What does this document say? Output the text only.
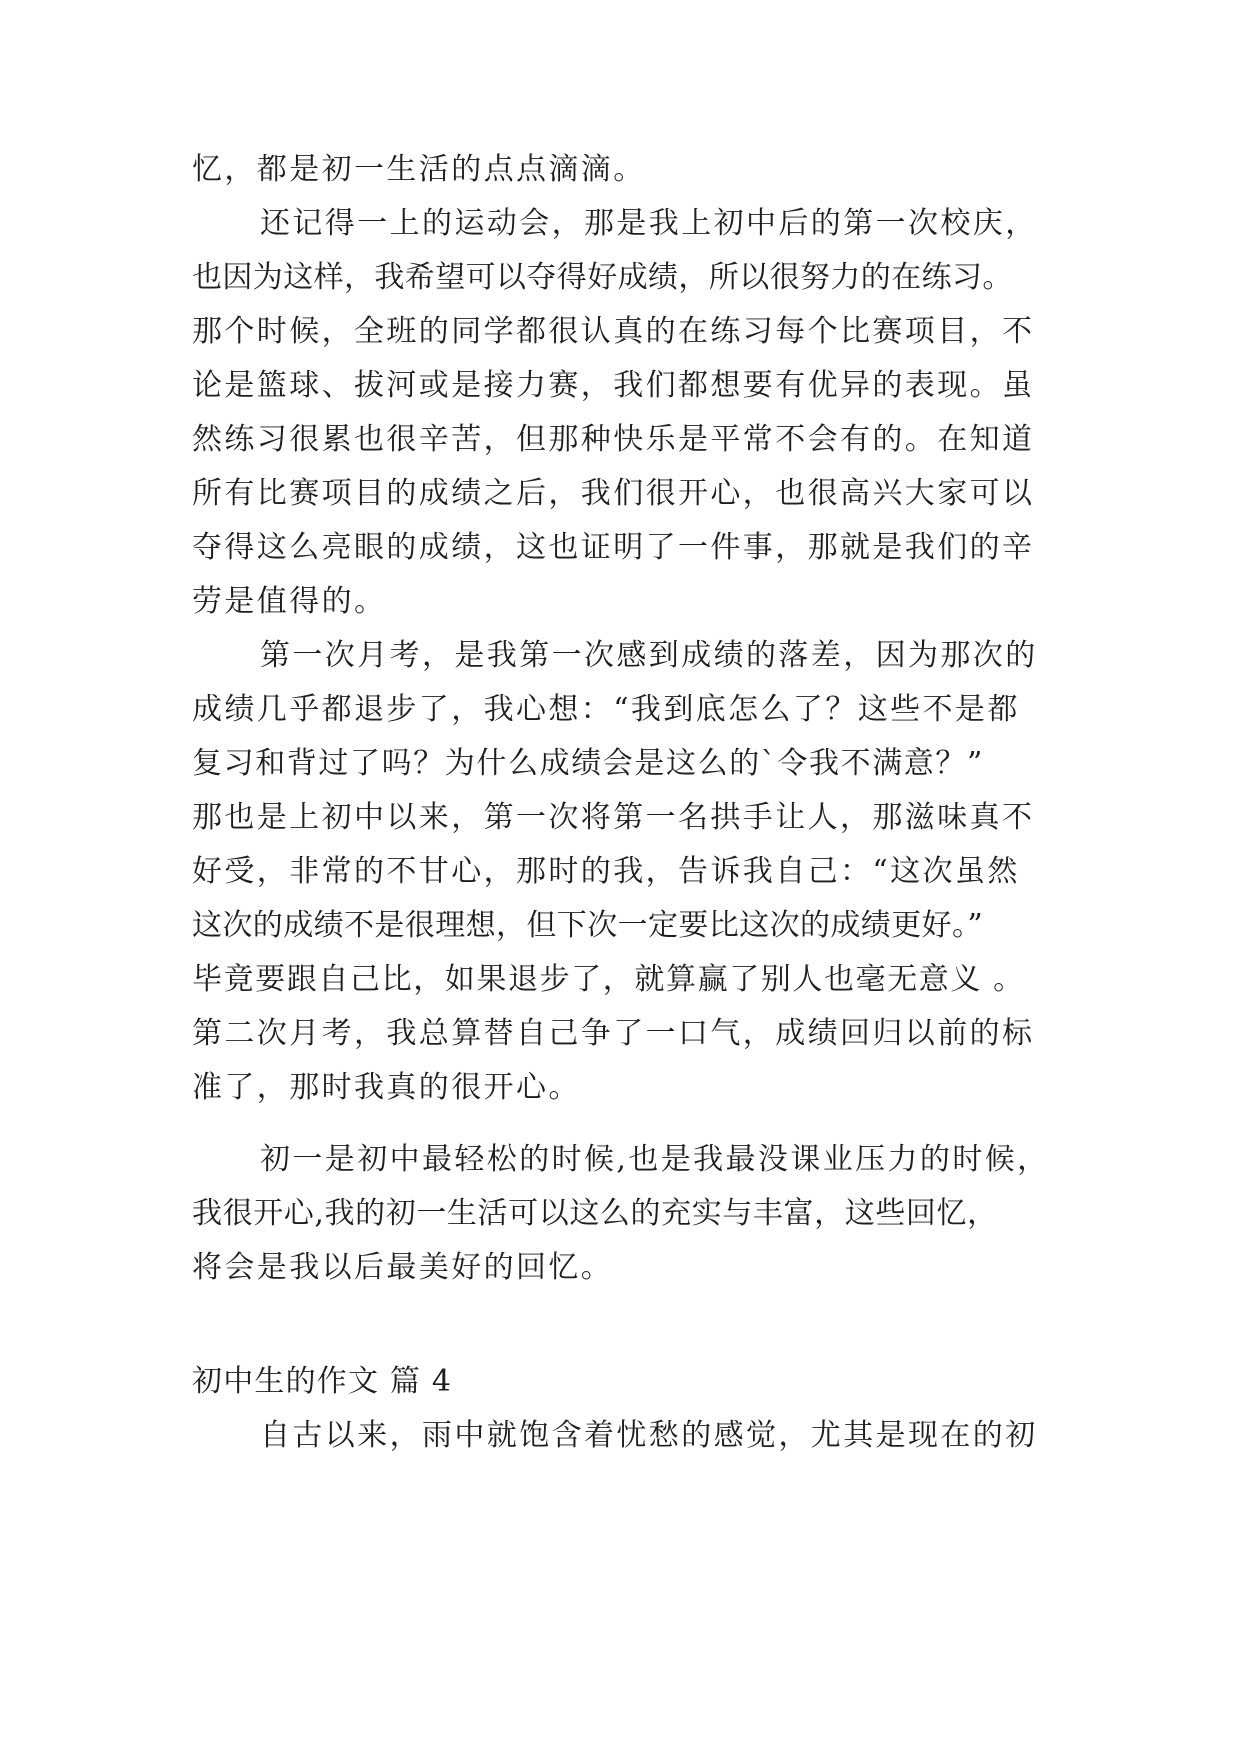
忆，都是初一生活的点点滴滴。
还记得一上的运动会，那是我上初中后的第一次校庆，
也因为这样，我希望可以夺得好成绩，所以很努力的在练习。
那个时候，全班的同学都很认真的在练习每个比赛项目，不
论是篮球、拔河或是接力赛，我们都想要有优异的表现。虽
然练习很累也很辛苦，但那种快乐是平常不会有的。在知道
所有比赛项目的成绩之后，我们很开心，也很高兴大家可以
夺得这么亮眼的成绩，这也证明了一件事，那就是我们的辛
劳是值得的。
第一次月考，是我第一次感到成绩的落差，因为那次的
成绩几乎都退步了，我心想：“我到底怎么了？这些不是都
复习和背过了吗？为什么成绩会是这么的`令我不满意？”
那也是上初中以来，第一次将第一名拱手让人，那滋味真不
好受，非常的不甘心，那时的我，告诉我自己：“这次虽然
这次的成绩不是很理想，但下次一定要比这次的成绩更好。”
毕竟要跟自己比，如果退步了，就算赢了别人也毫无意义 。
第二次月考，我总算替自己争了一口气，成绩回归以前的标
准了，那时我真的很开心。
初一是初中最轻松的时候,也是我最没课业压力的时候，
我很开心,我的初一生活可以这么的充实与丰富，这些回忆，
将会是我以后最美好的回忆。
初中生的作文 篇 4
自古以来，雨中就饱含着忧愁的感觉，尤其是现在的初
